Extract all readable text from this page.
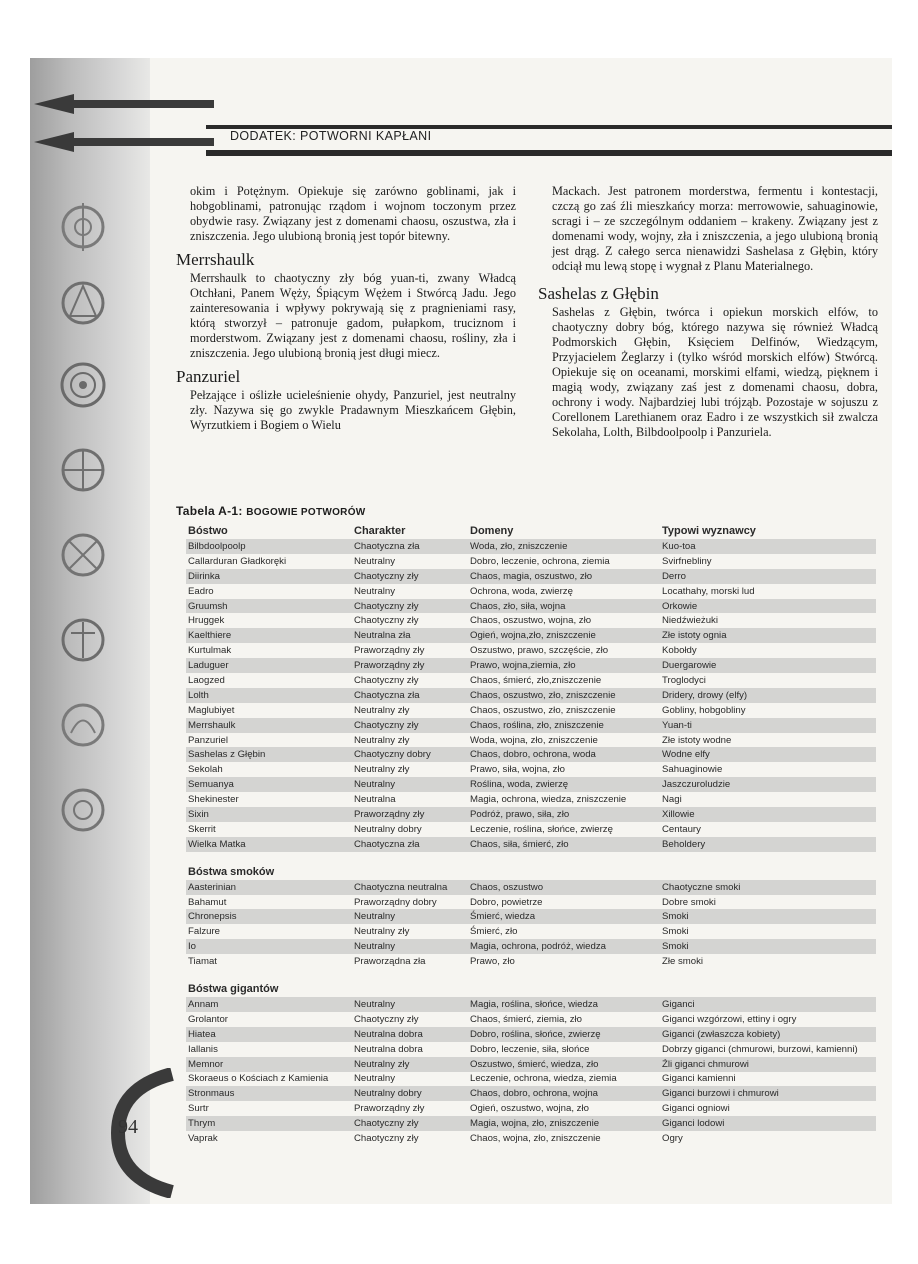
DODATEK: POTWORNI KAPŁANI

okim i Potężnym. Opiekuje się zarówno goblinami, jak i hobgoblinami, patronując rządom i wojnom toczonym przez obydwie rasy. Związany jest z domenami chaosu, oszustwa, zła i zniszczenia. Jego ulubioną bronią jest topór bitewny.

Merrshaulk

Merrshaulk to chaotyczny zły bóg yuan-ti, zwany Władcą Otchłani, Panem Węży, Śpiącym Wężem i Stwórcą Jadu. Jego zainteresowania i wpływy pokrywają się z pragnieniami rasy, którą stworzył – patronuje gadom, pułapkom, truciznom i morderstwom. Związany jest z domenami chaosu, rośliny, zła i zniszczenia. Jego ulubioną bronią jest długi miecz.

Panzuriel

Pełzające i oślizłe ucieleśnienie ohydy, Panzuriel, jest neutralny zły. Nazywa się go zwykle Pradawnym Mieszkańcem Głębin, Wyrzutkiem i Bogiem o Wielu

Mackach. Jest patronem morderstwa, fermentu i kontestacji, czczą go zaś źli mieszkańcy morza: merrowowie, sahuaginowie, scragi i – ze szczególnym oddaniem – krakeny. Związany jest z domenami wody, wojny, zła i zniszczenia, a jego ulubioną bronią jest drąg. Z całego serca nienawidzi Sashelasa z Głębin, który odciął mu lewą stopę i wygnał z Planu Materialnego.

Sashelas z Głębin

Sashelas z Głębin, twórca i opiekun morskich elfów, to chaotyczny dobry bóg, którego nazywa się również Władcą Podmorskich Głębin, Księciem Delfinów, Wiedzącym, Przyjacielem Żeglarzy i (tylko wśród morskich elfów) Stwórcą. Opiekuje się on oceanami, morskimi elfami, wiedzą, pięknem i magią wody, związany zaś jest z domenami chaosu, dobra, ochrony i wody. Najbardziej lubi trójząb. Pozostaje w sojuszu z Corellonem Larethianem oraz Eadro i ze wszystkich sił zwalcza Sekolaha, Lolth, Bilbdoolpoolp i Panzuriela.

Tabela A-1: BOGOWIE POTWORÓW
Bóstwo	Charakter	Domeny	Typowi wyznawcy
Bilbdoolpoolp	Chaotyczna zła	Woda, zło, zniszczenie	Kuo-toa
Callarduran Gładkoręki	Neutralny	Dobro, leczenie, ochrona, ziemia	Svirfnebliny
Diirinka	Chaotyczny zły	Chaos, magia, oszustwo, zło	Derro
Eadro	Neutralny	Ochrona, woda, zwierzę	Locathahy, morski lud
Gruumsh	Chaotyczny zły	Chaos, zło, siła, wojna	Orkowie
Hruggek	Chaotyczny zły	Chaos, oszustwo, wojna, zło	Niedźwieżuki
Kaelthiere	Neutralna zła	Ogień, wojna,zło, zniszczenie	Złe istoty ognia
Kurtulmak	Praworządny zły	Oszustwo, prawo, szczęście, zło	Kobołdy
Laduguer	Praworządny zły	Prawo, wojna,ziemia, zło	Duergarowie
Laogzed	Chaotyczny zły	Chaos, śmierć, zło,zniszczenie	Troglodyci
Lolth	Chaotyczna zła	Chaos, oszustwo, zło, zniszczenie	Dridery, drowy (elfy)
Maglubiyet	Neutralny zły	Chaos, oszustwo, zło, zniszczenie	Gobliny, hobgobliny
Merrshaulk	Chaotyczny zły	Chaos, roślina, zło, zniszczenie	Yuan-ti
Panzuriel	Neutralny zły	Woda, wojna, zło, zniszczenie	Złe istoty wodne
Sashelas z Głębin	Chaotyczny dobry	Chaos, dobro, ochrona, woda	Wodne elfy
Sekolah	Neutralny zły	Prawo, siła, wojna, zło	Sahuaginowie
Semuanya	Neutralny	Roślina, woda, zwierzę	Jaszczuroludzie
Shekinester	Neutralna	Magia, ochrona, wiedza, zniszczenie	Nagi
Sixin	Praworządny zły	Podróż, prawo, siła, zło	Xillowie
Skerrit	Neutralny dobry	Leczenie, roślina, słońce, zwierzę	Centaury
Wielka Matka	Chaotyczna zła	Chaos, siła, śmierć, zło	Beholdery
Bóstwa smoków			
Aasterinian	Chaotyczna neutralna	Chaos, oszustwo	Chaotyczne smoki
Bahamut	Praworządny dobry	Dobro, powietrze	Dobre smoki
Chronepsis	Neutralny	Śmierć, wiedza	Smoki
Falzure	Neutralny zły	Śmierć, zło	Smoki
Io	Neutralny	Magia, ochrona, podróż, wiedza	Smoki
Tiamat	Praworządna zła	Prawo, zło	Złe smoki
Bóstwa gigantów			
Annam	Neutralny	Magia, roślina, słońce, wiedza	Giganci
Grolantor	Chaotyczny zły	Chaos, śmierć, ziemia, zło	Giganci wzgórzowi, ettiny i ogry
Hiatea	Neutralna dobra	Dobro, roślina, słońce, zwierzę	Giganci (zwłaszcza kobiety)
Iallanis	Neutralna dobra	Dobro, leczenie, siła, słońce	Dobrzy giganci (chmurowi, burzowi, kamienni)
Memnor	Neutralny zły	Oszustwo, śmierć, wiedza, zło	Źli giganci chmurowi
Skoraeus o Kościach z Kamienia	Neutralny	Leczenie, ochrona, wiedza, ziemia	Giganci kamienni
Stronmaus	Neutralny dobry	Chaos, dobro, ochrona, wojna	Giganci burzowi i chmurowi
Surtr	Praworządny zły	Ogień, oszustwo, wojna, zło	Giganci ogniowi
Thrym	Chaotyczny zły	Magia, wojna, zło, zniszczenie	Giganci lodowi
Vaprak	Chaotyczny zły	Chaos, wojna, zło, zniszczenie	Ogry
94
